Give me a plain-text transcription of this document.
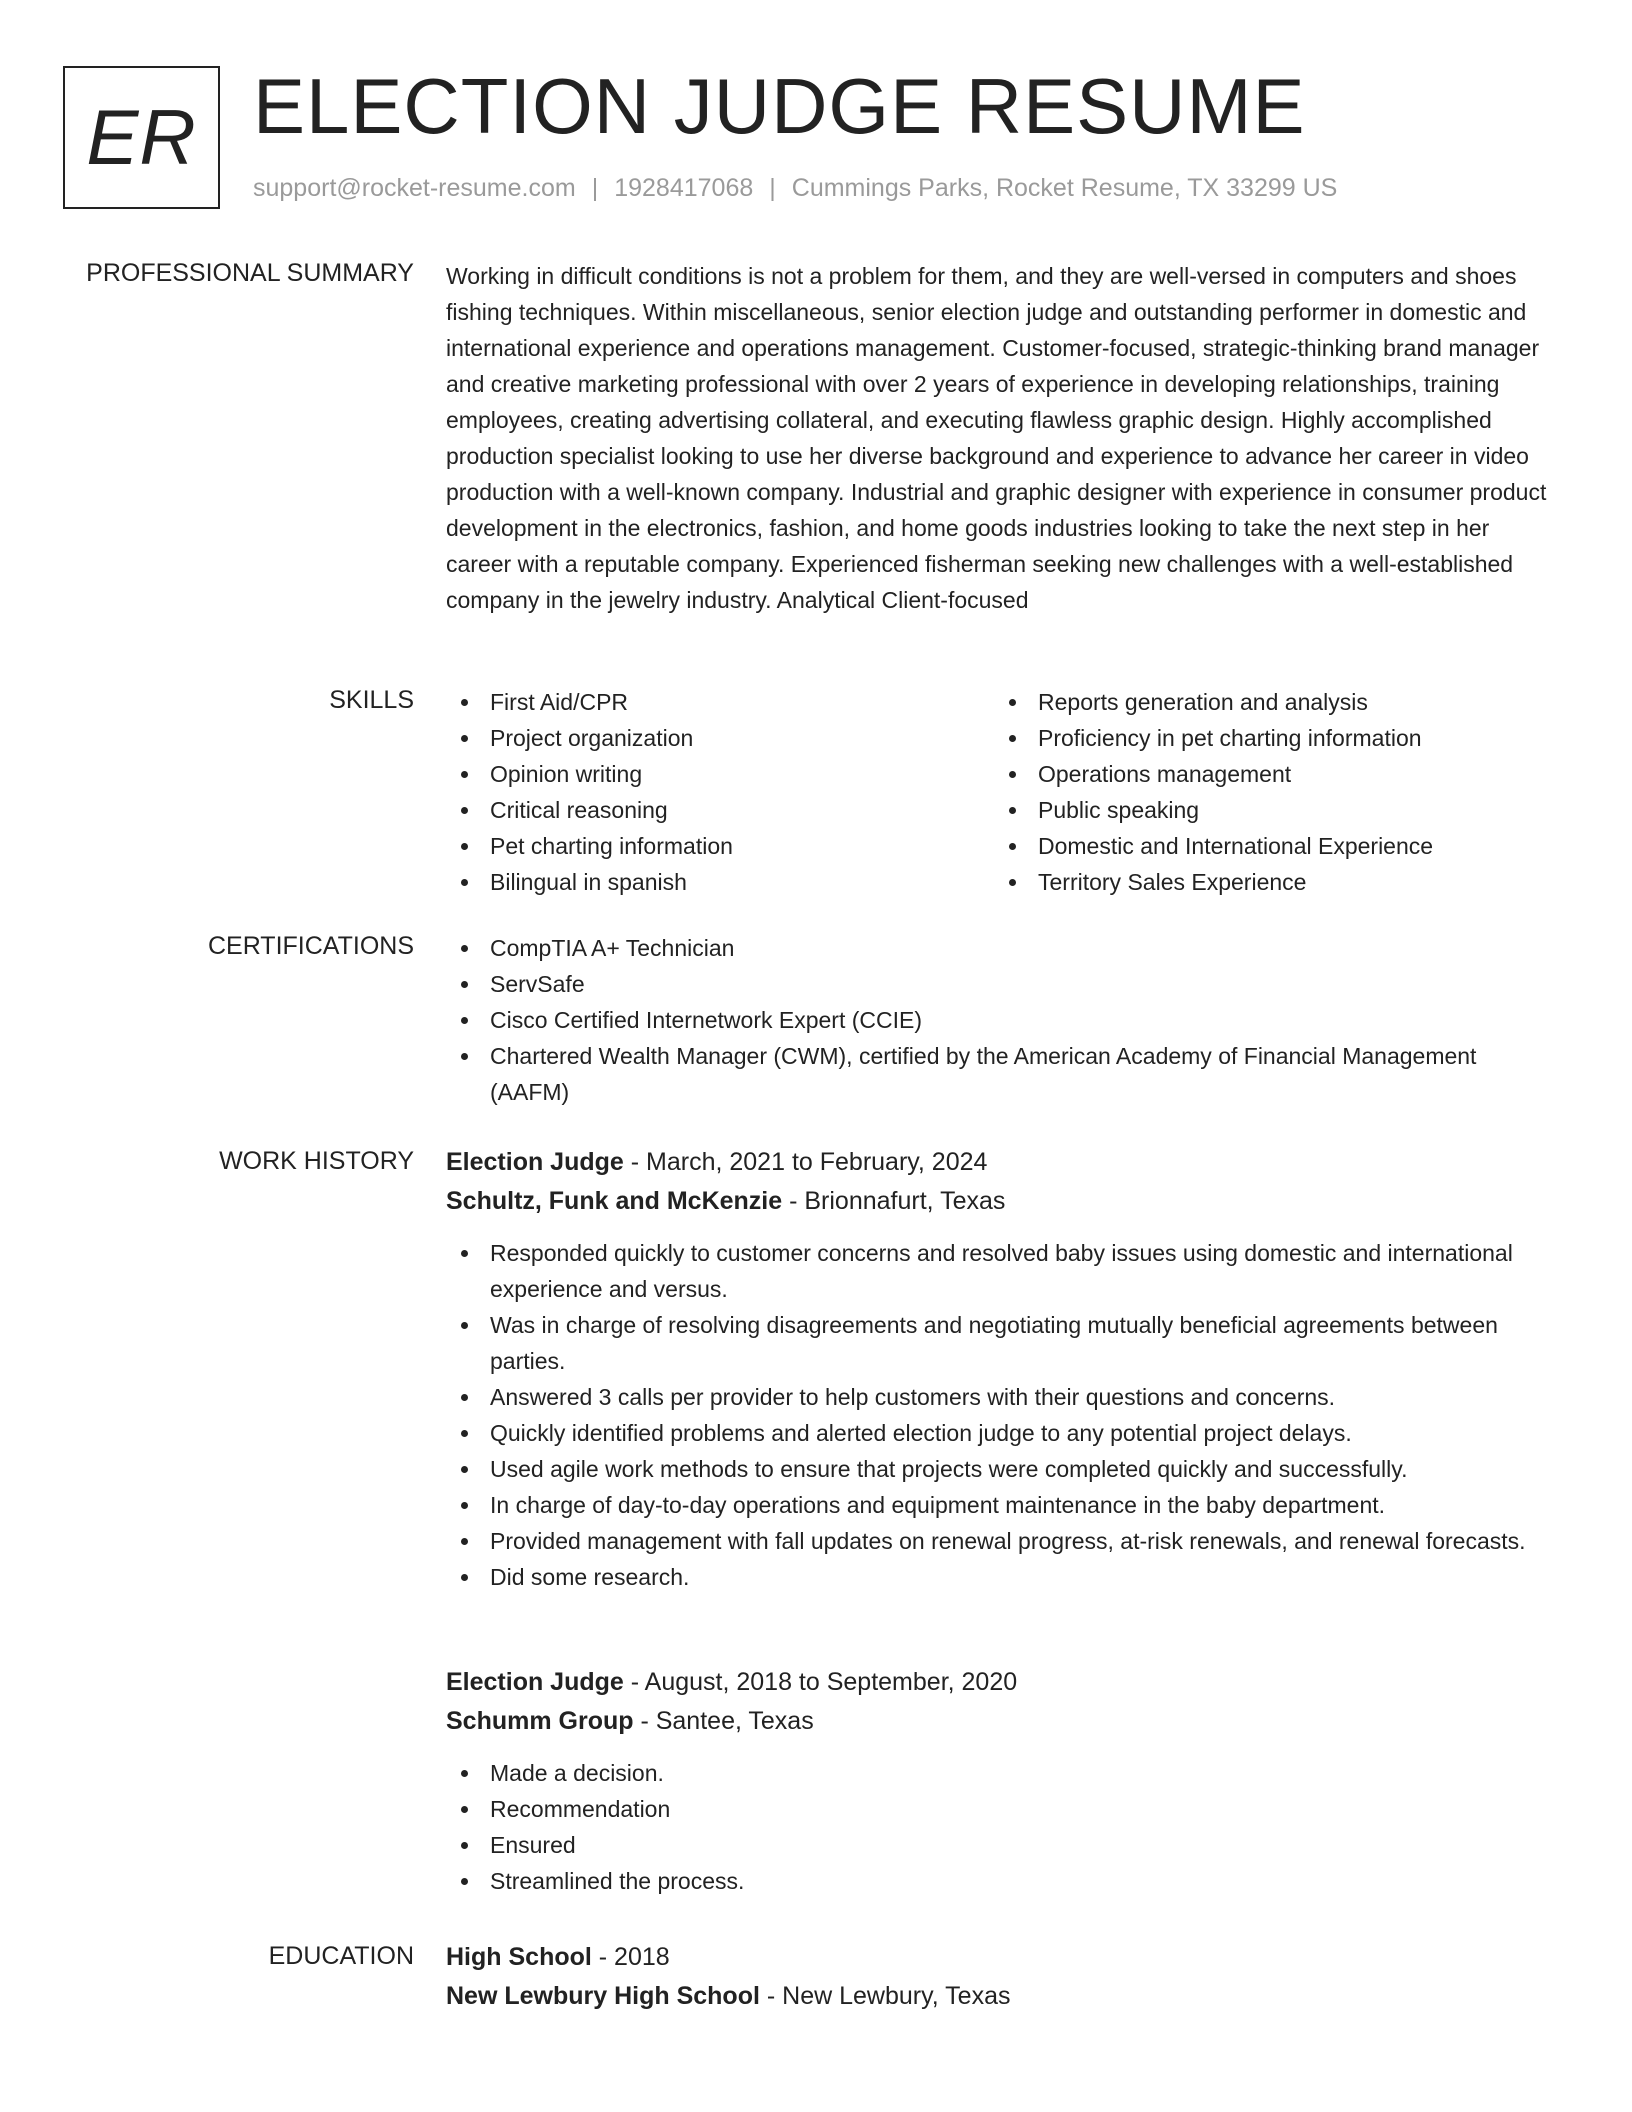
ER ELECTION JUDGE RESUME
support@rocket-resume.com | 1928417068 | Cummings Parks, Rocket Resume, TX 33299 US
PROFESSIONAL SUMMARY Working in difficult conditions is not a problem for them, and they are well-versed in computers and shoes fishing techniques. Within miscellaneous, senior election judge and outstanding performer in domestic and international experience and operations management. Customer-focused, strategic-thinking brand manager and creative marketing professional with over 2 years of experience in developing relationships, training employees, creating advertising collateral, and executing flawless graphic design. Highly accomplished production specialist looking to use her diverse background and experience to advance her career in video production with a well-known company. Industrial and graphic designer with experience in consumer product development in the electronics, fashion, and home goods industries looking to take the next step in her career with a reputable company. Experienced fisherman seeking new challenges with a well-established company in the jewelry industry. Analytical Client-focused
SKILLS	First Aid/CPR
Project organization
Opinion writing
Critical reasoning
Pet charting information
Bilingual in spanish
Reports generation and analysis
Proficiency in pet charting information
Operations management
Public speaking
Domestic and International Experience
Territory Sales Experience
CERTIFICATIONS	CompTIA A+ Technician
ServSafe
Cisco Certified Internetwork Expert (CCIE)
Chartered Wealth Manager (CWM), certified by the American Academy of Financial Management (AAFM)
WORK HISTORY Election Judge - March, 2021 to February, 2024
Schultz, Funk and McKenzie - Brionnafurt, Texas
Responded quickly to customer concerns and resolved baby issues using domestic and international experience and versus.
Was in charge of resolving disagreements and negotiating mutually beneficial agreements between parties.
Answered 3 calls per provider to help customers with their questions and concerns.
Quickly identified problems and alerted election judge to any potential project delays.
Used agile work methods to ensure that projects were completed quickly and successfully.
In charge of day-to-day operations and equipment maintenance in the baby department.
Provided management with fall updates on renewal progress, at-risk renewals, and renewal forecasts.
Did some research.
Election Judge - August, 2018 to September, 2020
Schumm Group - Santee, Texas
Made a decision.
Recommendation
Ensured
Streamlined the process.
EDUCATION High School - 2018
New Lewbury High School - New Lewbury, Texas
